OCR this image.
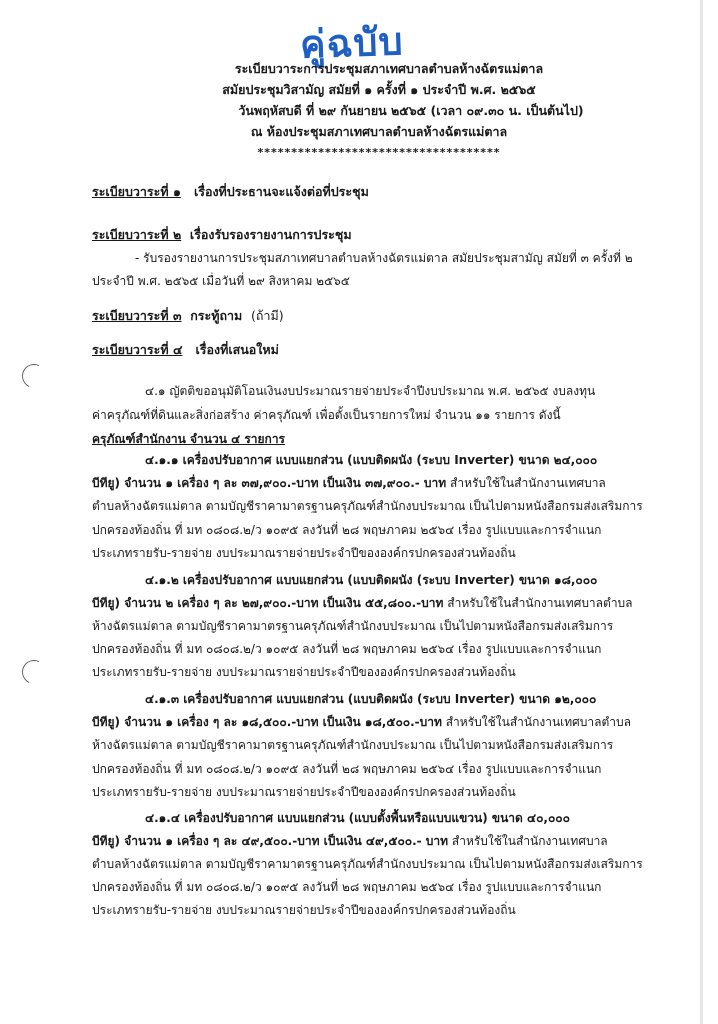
คู่ฉบับ
ระเบียบวาระการประชุมสภาเทศบาลตำบลห้างฉัตรแม่ตาล
สมัยประชุมวิสามัญ สมัยที่ ๑ ครั้งที่ ๑ ประจำปี พ.ศ. ๒๕๖๕
วันพฤหัสบดี ที่ ๒๙ กันยายน ๒๕๖๕ (เวลา ๐๙.๓๐ น. เป็นต้นไป)
ณ ห้องประชุมสภาเทศบาลตำบลห้างฉัตรแม่ตาล
************************************
ระเบียบวาระที่ ๑ เรื่องที่ประธานจะแจ้งต่อที่ประชุม
ระเบียบวาระที่ ๒ เรื่องรับรองรายงานการประชุม
- รับรองรายงานการประชุมสภาเทศบาลตำบลห้างฉัตรแม่ตาล สมัยประชุมสามัญ สมัยที่ ๓ ครั้งที่ ๒
ประจำปี พ.ศ. ๒๕๖๕ เมื่อวันที่ ๒๙ สิงหาคม ๒๕๖๕
ระเบียบวาระที่ ๓ กระทู้ถาม (ถ้ามี)
ระเบียบวาระที่ ๔ เรื่องที่เสนอใหม่
๔.๑ ญัตติขออนุมัติโอนเงินงบประมาณรายจ่ายประจำปีงบประมาณ พ.ศ. ๒๕๖๕ งบลงทุน
ค่าครุภัณฑ์ที่ดินและสิ่งก่อสร้าง ค่าครุภัณฑ์ เพื่อตั้งเป็นรายการใหม่ จำนวน ๑๑ รายการ ดังนี้
ครุภัณฑ์สำนักงาน จำนวน ๔ รายการ
๔.๑.๑ เครื่องปรับอากาศ แบบแยกส่วน (แบบติดผนัง (ระบบ Inverter) ขนาด ๒๔,๐๐๐
บีทียู) จำนวน ๑ เครื่อง ๆ ละ ๓๗,๙๐๐.-บาท เป็นเงิน ๓๗,๙๐๐.- บาท สำหรับใช้ในสำนักงานเทศบาล
ตำบลห้างฉัตรแม่ตาล ตามบัญชีราคามาตรฐานครุภัณฑ์สำนักงบประมาณ เป็นไปตามหนังสือกรมส่งเสริมการ
ปกครองท้องถิ่น ที่ มท ๐๘๐๘.๒/ว ๑๐๙๕ ลงวันที่ ๒๘ พฤษภาคม ๒๕๖๔ เรื่อง รูปแบบและการจำแนก
ประเภทรายรับ-รายจ่าย งบประมาณรายจ่ายประจำปีขององค์กรปกครองส่วนท้องถิ่น
๔.๑.๒ เครื่องปรับอากาศ แบบแยกส่วน (แบบติดผนัง (ระบบ Inverter) ขนาด ๑๘,๐๐๐
บีทียู) จำนวน ๒ เครื่อง ๆ ละ ๒๗,๙๐๐.-บาท เป็นเงิน ๕๕,๘๐๐.-บาท สำหรับใช้ในสำนักงานเทศบาลตำบล
ห้างฉัตรแม่ตาล ตามบัญชีราคามาตรฐานครุภัณฑ์สำนักงบประมาณ เป็นไปตามหนังสือกรมส่งเสริมการ
ปกครองท้องถิ่น ที่ มท ๐๘๐๘.๒/ว ๑๐๙๕ ลงวันที่ ๒๘ พฤษภาคม ๒๕๖๔ เรื่อง รูปแบบและการจำแนก
ประเภทรายรับ-รายจ่าย งบประมาณรายจ่ายประจำปีขององค์กรปกครองส่วนท้องถิ่น
๔.๑.๓ เครื่องปรับอากาศ แบบแยกส่วน (แบบติดผนัง (ระบบ Inverter) ขนาด ๑๒,๐๐๐
บีทียู) จำนวน ๑ เครื่อง ๆ ละ ๑๘,๕๐๐.-บาท เป็นเงิน ๑๘,๕๐๐.-บาท สำหรับใช้ในสำนักงานเทศบาลตำบล
ห้างฉัตรแม่ตาล ตามบัญชีราคามาตรฐานครุภัณฑ์สำนักงบประมาณ เป็นไปตามหนังสือกรมส่งเสริมการ
ปกครองท้องถิ่น ที่ มท ๐๘๐๘.๒/ว ๑๐๙๕ ลงวันที่ ๒๘ พฤษภาคม ๒๕๖๔ เรื่อง รูปแบบและการจำแนก
ประเภทรายรับ-รายจ่าย งบประมาณรายจ่ายประจำปีขององค์กรปกครองส่วนท้องถิ่น
๔.๑.๔ เครื่องปรับอากาศ แบบแยกส่วน (แบบตั้งพื้นหรือแบบแขวน) ขนาด ๔๐,๐๐๐
บีทียู) จำนวน ๑ เครื่อง ๆ ละ ๔๙,๕๐๐.-บาท เป็นเงิน ๔๙,๕๐๐.- บาท สำหรับใช้ในสำนักงานเทศบาล
ตำบลห้างฉัตรแม่ตาล ตามบัญชีราคามาตรฐานครุภัณฑ์สำนักงบประมาณ เป็นไปตามหนังสือกรมส่งเสริมการ
ปกครองท้องถิ่น ที่ มท ๐๘๐๘.๒/ว ๑๐๙๕ ลงวันที่ ๒๘ พฤษภาคม ๒๕๖๔ เรื่อง รูปแบบและการจำแนก
ประเภทรายรับ-รายจ่าย งบประมาณรายจ่ายประจำปีขององค์กรปกครองส่วนท้องถิ่น
